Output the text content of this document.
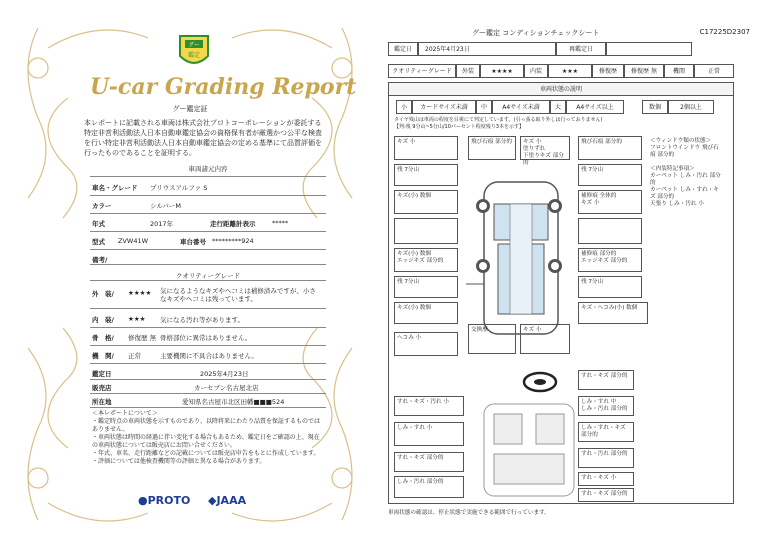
グー
鑑定
U-car Grading Report
グー鑑定証
本レポートに記載される車両は株式会社プロトコーポレーションが委託する特定非営利活動法人日本自動車鑑定協会の資格保有者が厳選かつ公平な検査を行い特定非営利活動法人日本自動車鑑定協会の定める基準にて品質評価を行ったものであることを証明する。
車両諸元内容
車名・グレード プリウスアルファ S
カラー	シルバーM
年式	2017年	走行距離計表示	*****
型式 ZVW41W	車台番号 *********924
備考/
クオリティーグレード
外　装/ ★★★★ 気になるようなキズやヘコミは補修済みですが、小さなキズやヘコミは残っています。
内　装/ ★★★ 気になる汚れ等があります。
骨　格/ 修復歴 無 骨格部位に異常はありません。
機　関/ 正常	主要機関に不具合はありません。
鑑定日	2025年4月23日
販売店	カーセブン名古屋北店
所在地	愛知県名古屋市北区田幡■■■524
＜本レポートについて＞
・鑑定時点の車両状態を示すものであり、以降将来にわたり品質を保証するものではありません。
・車両状態は時間の経過に伴い変化する場合もあるため、鑑定日をご確認の上、現在の車両状態については販売店にお問い合せください。
・年式、車名、走行距離などの記載については販売店申告をもとに作成しています。
・評価については他検査機関等の評価と異なる場合があります。
●PROTO ◆JAAA
グー鑑定 コンディションチェックシート	C17225D2307
鑑定日	2025年4月23日	再鑑定日
クオリティーグレード	外装	★★★★	内装	★★★	修復歴	修復歴 無	機関	正常
車両状態の説明
小	カードサイズ未満	中	A4サイズ未満	大	A4サイズ以上	数個	2個以上
タイヤ残山は車両の程度を目視にて判定しています。(引っ張る取り外しは行っておりません)
【判:残 9分山~5分山/10パーセント程度残り3本を示す】
キズ 小	飛び石痕 部分的	キズ 小
塗りずれ
下塗りキズ 部分的
飛び石痕 部分的	＜ウィンドウ類の状態＞
フロントウインドウ 飛び石痕 部分的

＜内装特記事項＞
カーペット しみ・汚れ 部分的
カーペット しみ・すれ・キズ 部分的
天張り しみ・汚れ 小
残 7分山	残 7分山
キズ(小) 数個	補修痕 全体的
キズ 小
キズ(小) 数個
エッジキズ 部分的
補修痕 部分的
エッジキズ 部分的
残 7分山	残 7分山
キズ(小) 数個	キズ・ヘコみ(小) 数個
交換歴	キズ 小
ヘコみ 小
すれ・キズ 部分的
すれ・キズ・汚れ 小	しみ・すれ 中
しみ・汚れ 部分的
しみ・すれ 小	しみ・すれ・キズ 部分的
すれ・汚れ 部分的
すれ・キズ 部分的
すれ・キズ 小
しみ・汚れ 部分的
すれ・キズ 部分的
車両状態の確認は、停止状態で実施できる範囲で行っています。
